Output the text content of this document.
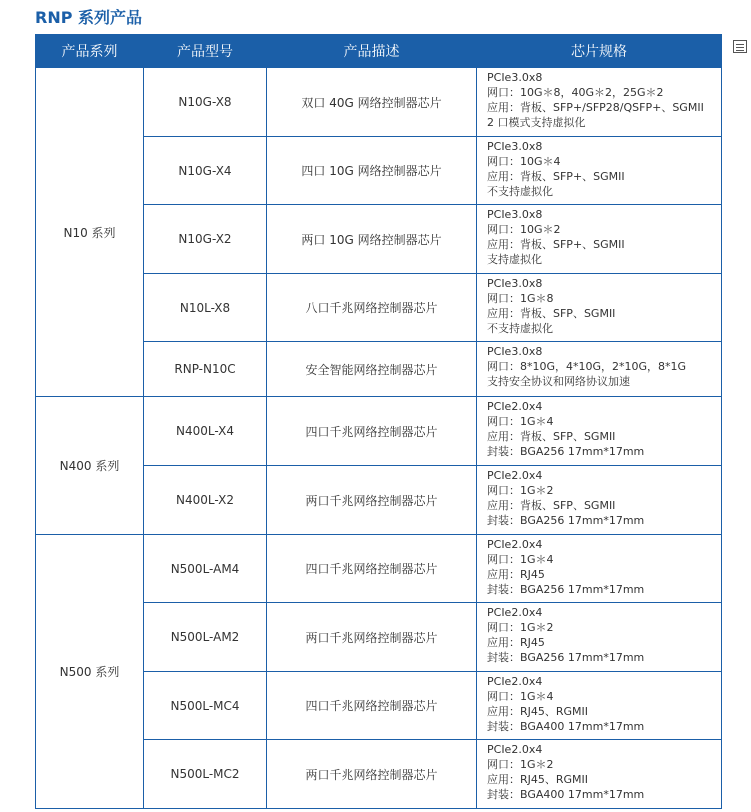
RNP 系列产品
产品系列	产品型号	产品描述	芯片规格
N10 系列	N10G-X8	双口 40G 网络控制器芯片	PCIe3.0x8
网口：10G＊8，40G＊2，25G＊2
应用：背板、SFP+/SFP28/QSFP+、SGMII
2 口模式支持虚拟化

	N10G-X4	四口 10G 网络控制器芯片	PCIe3.0x8
网口：10G＊4
应用：背板、SFP+、SGMII
不支持虚拟化

	N10G-X2	两口 10G 网络控制器芯片	PCIe3.0x8
网口：10G＊2
应用：背板、SFP+、SGMII
支持虚拟化

	N10L-X8	八口千兆网络控制器芯片	PCIe3.0x8
网口：1G＊8
应用：背板、SFP、SGMII
不支持虚拟化

	RNP-N10C	安全智能网络控制器芯片	PCIe3.0x8
网口：8*10G，4*10G，2*10G，8*1G
支持安全协议和网络协议加速

N400 系列	N400L-X4	四口千兆网络控制器芯片	PCIe2.0x4
网口：1G＊4
应用：背板、SFP、SGMII
封装：BGA256 17mm*17mm

	N400L-X2	两口千兆网络控制器芯片	PCIe2.0x4
网口：1G＊2
应用：背板、SFP、SGMII
封装：BGA256 17mm*17mm

N500 系列	N500L-AM4	四口千兆网络控制器芯片	PCIe2.0x4
网口：1G＊4
应用：RJ45
封装：BGA256 17mm*17mm

	N500L-AM2	两口千兆网络控制器芯片	PCIe2.0x4
网口：1G＊2
应用：RJ45
封装：BGA256 17mm*17mm

	N500L-MC4	四口千兆网络控制器芯片	PCIe2.0x4
网口：1G＊4
应用：RJ45、RGMII
封装：BGA400 17mm*17mm

	N500L-MC2	两口千兆网络控制器芯片	PCIe2.0x4
网口：1G＊2
应用：RJ45、RGMII
封装：BGA400 17mm*17mm
